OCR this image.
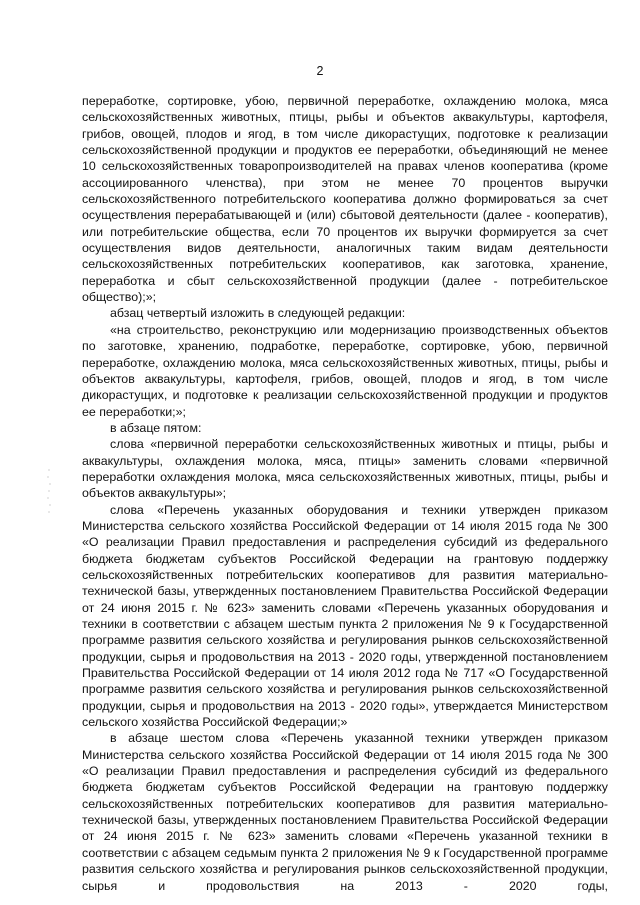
2

переработке, сортировке, убою, первичной переработке, охлаждению молока, мяса сельскохозяйственных животных, птицы, рыбы и объектов аквакультуры, картофеля, грибов, овощей, плодов и ягод, в том числе дикорастущих, подготовке к реализации сельскохозяйственной продукции и продуктов ее переработки, объединяющий не менее 10 сельскохозяйственных товаропроизводителей на правах членов кооператива (кроме ассоциированного членства), при этом не менее 70 процентов выручки сельскохозяйственного потребительского кооператива должно формироваться за счет осуществления перерабатывающей и (или) сбытовой деятельности (далее - кооператив), или потребительские общества, если 70 процентов их выручки формируется за счет осуществления видов деятельности, аналогичных таким видам деятельности сельскохозяйственных потребительских кооперативов, как заготовка, хранение, переработка и сбыт сельскохозяйственной продукции (далее - потребительское общество);»;

абзац четвертый изложить в следующей редакции:

«на строительство, реконструкцию или модернизацию производственных объектов по заготовке, хранению, подработке, переработке, сортировке, убою, первичной переработке, охлаждению молока, мяса сельскохозяйственных животных, птицы, рыбы и объектов аквакультуры, картофеля, грибов, овощей, плодов и ягод, в том числе дикорастущих, и подготовке к реализации сельскохозяйственной продукции и продуктов ее переработки;»;

в абзаце пятом:

слова «первичной переработки сельскохозяйственных животных и птицы, рыбы и аквакультуры, охлаждения молока, мяса, птицы» заменить словами «первичной переработки охлаждения молока, мяса сельскохозяйственных животных, птицы, рыбы и объектов аквакультуры»;

слова «Перечень указанных оборудования и техники утвержден приказом Министерства сельского хозяйства Российской Федерации от 14 июля 2015 года № 300 «О реализации Правил предоставления и распределения субсидий из федерального бюджета бюджетам субъектов Российской Федерации на грантовую поддержку сельскохозяйственных потребительских кооперативов для развития материально-технической базы, утвержденных постановлением Правительства Российской Федерации от 24 июня 2015 г. № 623» заменить словами «Перечень указанных оборудования и техники в соответствии с абзацем шестым пункта 2 приложения № 9 к Государственной программе развития сельского хозяйства и регулирования рынков сельскохозяйственной продукции, сырья и продовольствия на 2013 - 2020 годы, утвержденной постановлением Правительства Российской Федерации от 14 июля 2012 года № 717 «О Государственной программе развития сельского хозяйства и регулирования рынков сельскохозяйственной продукции, сырья и продовольствия на 2013 - 2020 годы», утверждается Министерством сельского хозяйства Российской Федерации;»

в абзаце шестом слова «Перечень указанной техники утвержден приказом Министерства сельского хозяйства Российской Федерации от 14 июля 2015 года № 300 «О реализации Правил предоставления и распределения субсидий из федерального бюджета бюджетам субъектов Российской Федерации на грантовую поддержку сельскохозяйственных потребительских кооперативов для развития материально-технической базы, утвержденных постановлением Правительства Российской Федерации от 24 июня 2015 г. № 623» заменить словами «Перечень указанной техники в соответствии с абзацем седьмым пункта 2 приложения № 9 к Государственной программе развития сельского хозяйства и регулирования рынков сельскохозяйственной продукции, сырья и продовольствия на 2013 - 2020 годы,
